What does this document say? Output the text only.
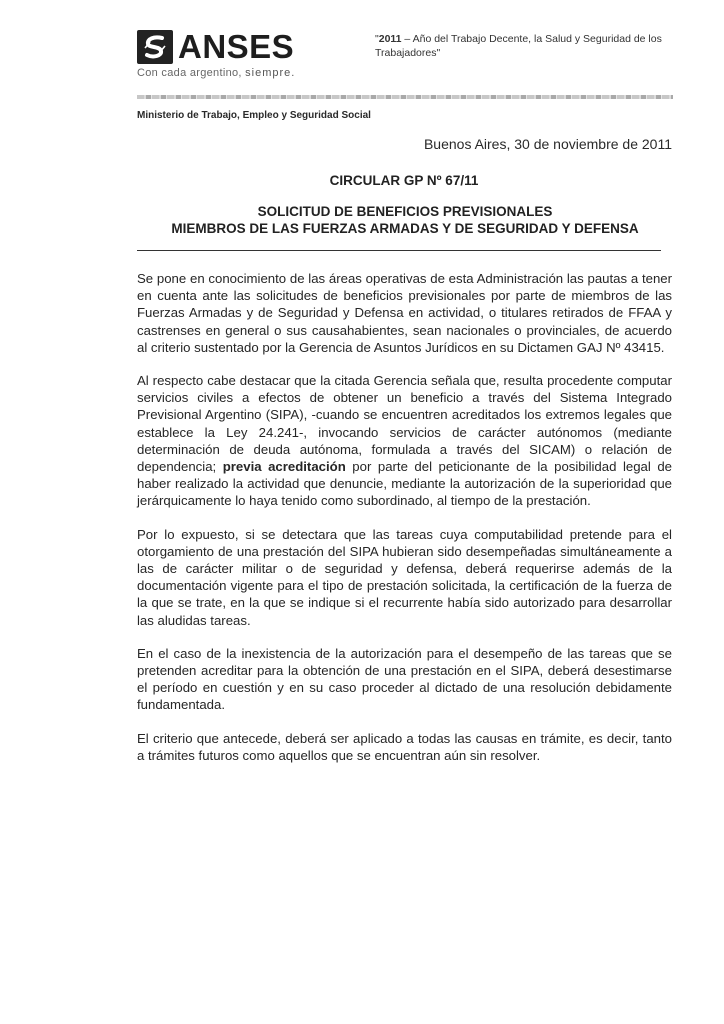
ANSES
Con cada argentino, siempre.
"2011 – Año del Trabajo Decente, la Salud y Seguridad de los Trabajadores"
Ministerio de Trabajo, Empleo y Seguridad Social
Buenos Aires, 30 de noviembre de 2011
CIRCULAR GP Nº 67/11
SOLICITUD DE BENEFICIOS PREVISIONALES
MIEMBROS DE LAS FUERZAS ARMADAS Y DE SEGURIDAD Y DEFENSA

Se pone en conocimiento de las áreas operativas de esta Administración las pautas a tener en cuenta ante las solicitudes de beneficios previsionales por parte de miembros de las Fuerzas Armadas y de Seguridad y Defensa en actividad, o titulares retirados de FFAA y castrenses en general o sus causahabientes, sean nacionales o provinciales, de acuerdo al criterio sustentado por la Gerencia de Asuntos Jurídicos en su Dictamen GAJ Nº 43415.

Al respecto cabe destacar que la citada Gerencia señala que, resulta procedente computar servicios civiles a efectos de obtener un beneficio a través del Sistema Integrado Previsional Argentino (SIPA), -cuando se encuentren acreditados los extremos legales que establece la Ley 24.241-, invocando servicios de carácter autónomos (mediante determinación de deuda autónoma, formulada a través del SICAM) o relación de dependencia; previa acreditación por parte del peticionante de la posibilidad legal de haber realizado la actividad que denuncie, mediante la autorización de la superioridad que jerárquicamente lo haya tenido como subordinado, al tiempo de la prestación.

Por lo expuesto, si se detectara que las tareas cuya computabilidad pretende para el otorgamiento de una prestación del SIPA hubieran sido desempeñadas simultáneamente a las de carácter militar o de seguridad y defensa, deberá requerirse además de la documentación vigente para el tipo de prestación solicitada, la certificación de la fuerza de la que se trate, en la que se indique si el recurrente había sido autorizado para desarrollar las aludidas tareas.

En el caso de la inexistencia de la autorización para el desempeño de las tareas que se pretenden acreditar para la obtención de una prestación en el SIPA, deberá desestimarse el período en cuestión y en su caso proceder al dictado de una resolución debidamente fundamentada.

El criterio que antecede, deberá ser aplicado a todas las causas en trámite, es decir, tanto a trámites futuros como aquellos que se encuentran aún sin resolver.
